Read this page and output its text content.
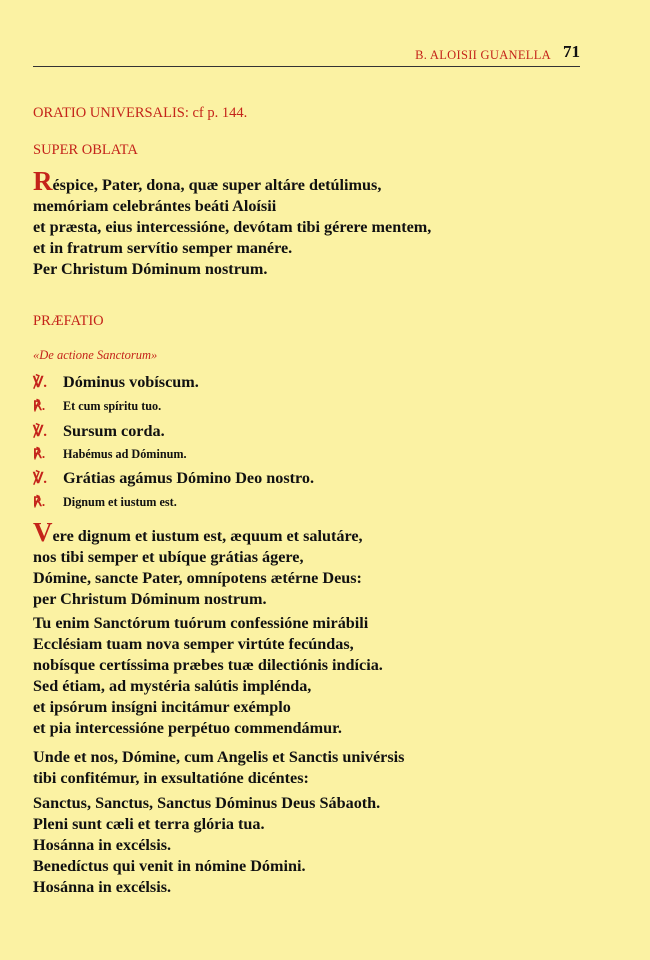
$_{B. ALOISII GUANELLA}$ 71
ORATIO UNIVERSALIS: cf p. 144.
SUPER OBLATA
Réspice, Pater, dona, quæ super altáre detúlimus,
memóriam celebrántes beáti Aloísii
et præsta, eius intercessióne, devótam tibi gérere mentem,
et in fratrum servítio semper manére.
Per Christum Dóminum nostrum.
PRÆFATIO
«De actione Sanctorum»
℣. Dóminus vobíscum.
℟. Et cum spíritu tuo.
℣. Sursum corda.
℟. Habémus ad Dóminum.
℣. Grátias agámus Dómino Deo nostro.
℟. Dignum et iustum est.
Vere dignum et iustum est, æquum et salutáre,
nos tibi semper et ubíque grátias ágere,
Dómine, sancte Pater, omnípotens ætérne Deus:
per Christum Dóminum nostrum.
Tu enim Sanctórum tuórum confessióne mirábili
Ecclésiam tuam nova semper virtúte fecúndas,
nobísque certíssima præbes tuæ dilectiónis indícia.
Sed étiam, ad mystéria salútis impléndа,
et ipsórum insígni incitámur exémplo
et pia intercessióne perpétuo commendámur.
Unde et nos, Dómine, cum Angelis et Sanctis univérsis
tibi confitémur, in exsultatióne dicéntes:
Sanctus, Sanctus, Sanctus Dóminus Deus Sábaoth.
Pleni sunt cæli et terra glória tua.
Hosánna in excélsis.
Benedíctus qui venit in nómine Dómini.
Hosánna in excélsis.
